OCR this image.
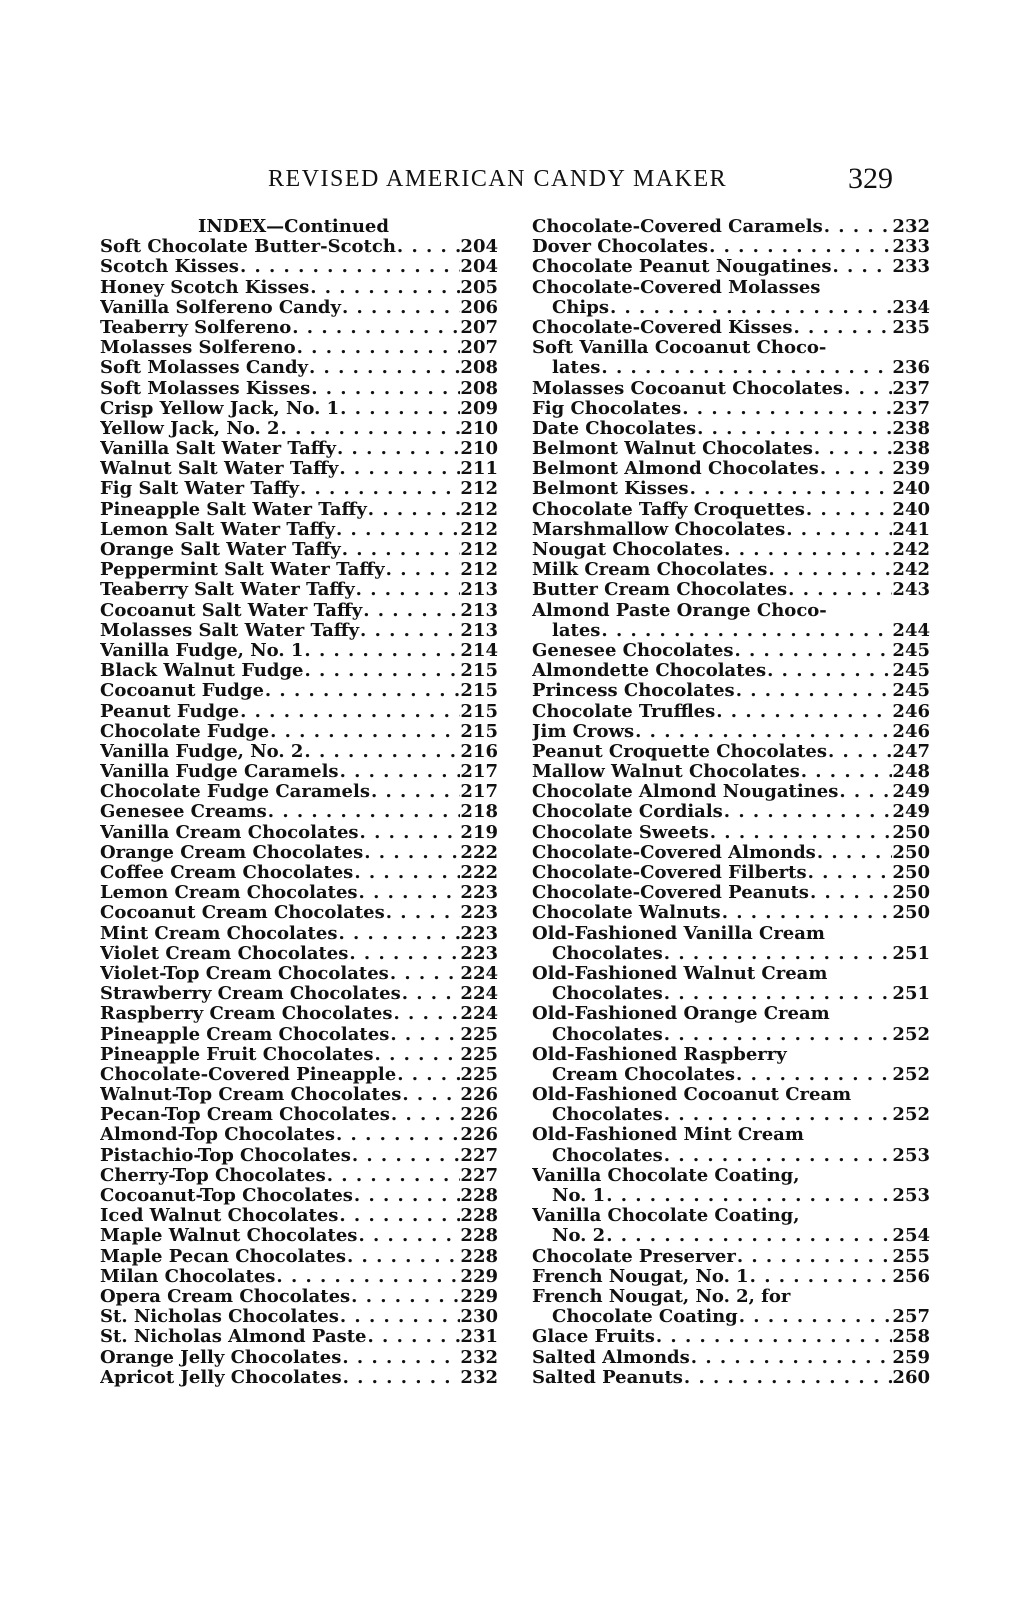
REVISED AMERICAN CANDY MAKER	329
INDEX—Continued
Soft Chocolate Butter-Scotch . . .	204
Scotch Kisses . . .	204
Honey Scotch Kisses . . .	205
Vanilla Solfereno Candy . . .	206
Teaberry Solfereno . . .	207
Molasses Solfereno . . .	207
Soft Molasses Candy . . .	208
Soft Molasses Kisses . . .	208
Crisp Yellow Jack, No. 1 . . .	209
Yellow Jack, No. 2 . . .	210
Vanilla Salt Water Taffy . . .	210
Walnut Salt Water Taffy . . .	211
Fig Salt Water Taffy . . .	212
Pineapple Salt Water Taffy . . .	212
Lemon Salt Water Taffy . . .	212
Orange Salt Water Taffy . . .	212
Peppermint Salt Water Taffy . . .	212
Teaberry Salt Water Taffy . . .	213
Cocoanut Salt Water Taffy . . .	213
Molasses Salt Water Taffy . . .	213
Vanilla Fudge, No. 1 . . .	214
Black Walnut Fudge . . .	215
Cocoanut Fudge . . .	215
Peanut Fudge . . .	215
Chocolate Fudge . . .	215
Vanilla Fudge, No. 2 . . .	216
Vanilla Fudge Caramels . . .	217
Chocolate Fudge Caramels . . .	217
Genesee Creams . . .	218
Vanilla Cream Chocolates . . .	219
Orange Cream Chocolates . . .	222
Coffee Cream Chocolates . . .	222
Lemon Cream Chocolates . . .	223
Cocoanut Cream Chocolates . . .	223
Mint Cream Chocolates . . .	223
Violet Cream Chocolates . . .	223
Violet-Top Cream Chocolates . . .	224
Strawberry Cream Chocolates . . .	224
Raspberry Cream Chocolates . . .	224
Pineapple Cream Chocolates . . .	225
Pineapple Fruit Chocolates . . .	225
Chocolate-Covered Pineapple . . .	225
Walnut-Top Cream Chocolates . . .	226
Pecan-Top Cream Chocolates . . .	226
Almond-Top Chocolates . . .	226
Pistachio-Top Chocolates . . .	227
Cherry-Top Chocolates . . .	227
Cocoanut-Top Chocolates . . .	228
Iced Walnut Chocolates . . .	228
Maple Walnut Chocolates . . .	228
Maple Pecan Chocolates . . .	228
Milan Chocolates . . .	229
Opera Cream Chocolates . . .	229
St. Nicholas Chocolates . . .	230
St. Nicholas Almond Paste . . .	231
Orange Jelly Chocolates . . .	232
Apricot Jelly Chocolates . . .	232
Chocolate-Covered Caramels . . .	232
Dover Chocolates . . .	233
Chocolate Peanut Nougatines . . .	233
Chocolate-Covered Molasses
Chips . . .	234
Chocolate-Covered Kisses . . .	235
Soft Vanilla Cocoanut Choco-
lates . . .	236
Molasses Cocoanut Chocolates . . .	237
Fig Chocolates . . .	237
Date Chocolates . . .	238
Belmont Walnut Chocolates . . .	238
Belmont Almond Chocolates . . .	239
Belmont Kisses . . .	240
Chocolate Taffy Croquettes . . .	240
Marshmallow Chocolates . . .	241
Nougat Chocolates . . .	242
Milk Cream Chocolates . . .	242
Butter Cream Chocolates . . .	243
Almond Paste Orange Choco-
lates . . .	244
Genesee Chocolates . . .	245
Almondette Chocolates . . .	245
Princess Chocolates . . .	245
Chocolate Truffles . . .	246
Jim Crows . . .	246
Peanut Croquette Chocolates . . .	247
Mallow Walnut Chocolates . . .	248
Chocolate Almond Nougatines . . .	249
Chocolate Cordials . . .	249
Chocolate Sweets . . .	250
Chocolate-Covered Almonds . . .	250
Chocolate-Covered Filberts . . .	250
Chocolate-Covered Peanuts . . .	250
Chocolate Walnuts . . .	250
Old-Fashioned Vanilla Cream
Chocolates . . .	251
Old-Fashioned Walnut Cream
Chocolates . . .	251
Old-Fashioned Orange Cream
Chocolates . . .	252
Old-Fashioned Raspberry
Cream Chocolates . . .	252
Old-Fashioned Cocoanut Cream
Chocolates . . .	252
Old-Fashioned Mint Cream
Chocolates . . .	253
Vanilla Chocolate Coating,
No. 1 . . .	253
Vanilla Chocolate Coating,
No. 2 . . .	254
Chocolate Preserver . . .	255
French Nougat, No. 1 . . .	256
French Nougat, No. 2, for
Chocolate Coating . . .	257
Glace Fruits . . .	258
Salted Almonds . . .	259
Salted Peanuts . . .	260
